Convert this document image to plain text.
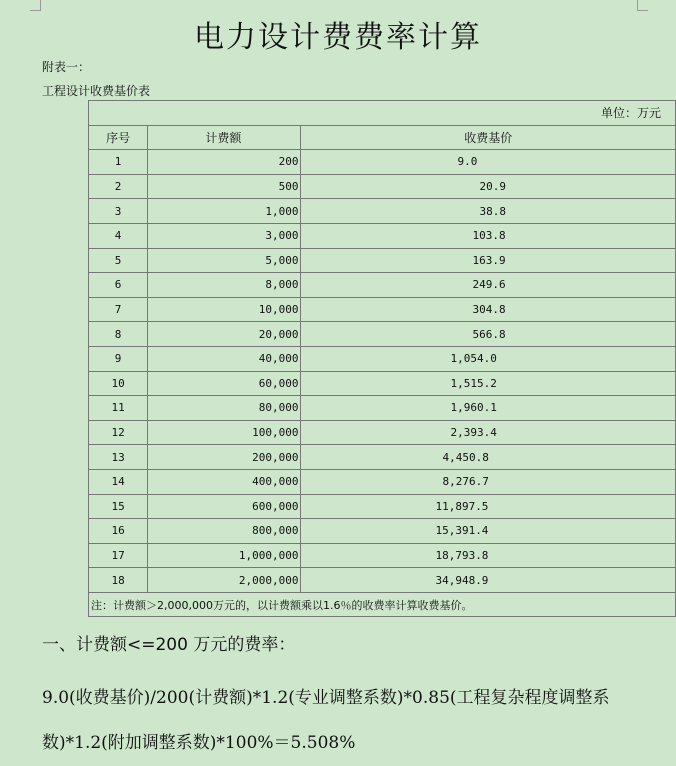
电力设计费费率计算
附表一：
工程设计收费基价表
单位：万元		
序号	计费额	收费基价
1	200	9.0
2	500	20.9
3	1,000	38.8
4	3,000	103.8
5	5,000	163.9
6	8,000	249.6
7	10,000	304.8
8	20,000	566.8
9	40,000	1,054.0
10	60,000	1,515.2
11	80,000	1,960.1
12	100,000	2,393.4
13	200,000	4,450.8
14	400,000	8,276.7
15	600,000	11,897.5
16	800,000	15,391.4
17	1,000,000	18,793.8
18	2,000,000	34,948.9
注：计费额＞2,000,000万元的，以计费额乘以1.6％的收费率计算收费基价。		
一、计费额<=200 万元的费率：
9.0(收费基价)/200(计费额)*1.2(专业调整系数)*0.85(工程复杂程度调整系数)*1.2(附加调整系数)*100%＝5.508%
